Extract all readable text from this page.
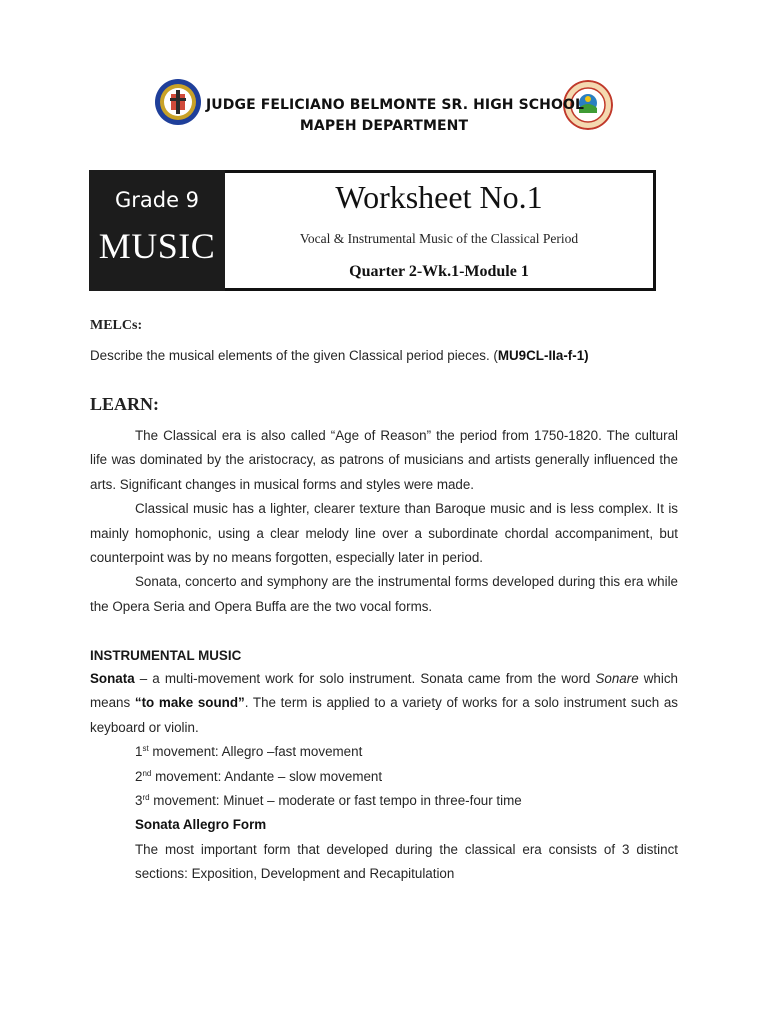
JUDGE FELICIANO BELMONTE SR. HIGH SCHOOL
MAPEH DEPARTMENT
Grade 9
MUSIC
Worksheet No.1
Vocal & Instrumental Music of the Classical Period
Quarter 2-Wk.1-Module 1
MELCs:
Describe the musical elements of the given Classical period pieces. (MU9CL-IIa-f-1)
LEARN:

The Classical era is also called “Age of Reason” the period from 1750-1820. The cultural life was dominated by the aristocracy, as patrons of musicians and artists generally influenced the arts. Significant changes in musical forms and styles were made.

Classical music has a lighter, clearer texture than Baroque music and is less complex. It is mainly homophonic, using a clear melody line over a subordinate chordal accompaniment, but counterpoint was by no means forgotten, especially later in period.

Sonata, concerto and symphony are the instrumental forms developed during this era while the Opera Seria and Opera Buffa are the two vocal forms.

INSTRUMENTAL MUSIC

Sonata – a multi-movement work for solo instrument. Sonata came from the word Sonare which means “to make sound”. The term is applied to a variety of works for a solo instrument such as keyboard or violin.

1st movement: Allegro –fast movement

2nd movement: Andante – slow movement

3rd movement: Minuet – moderate or fast tempo in three-four time

Sonata Allegro Form

The most important form that developed during the classical era consists of 3 distinct sections: Exposition, Development and Recapitulation
